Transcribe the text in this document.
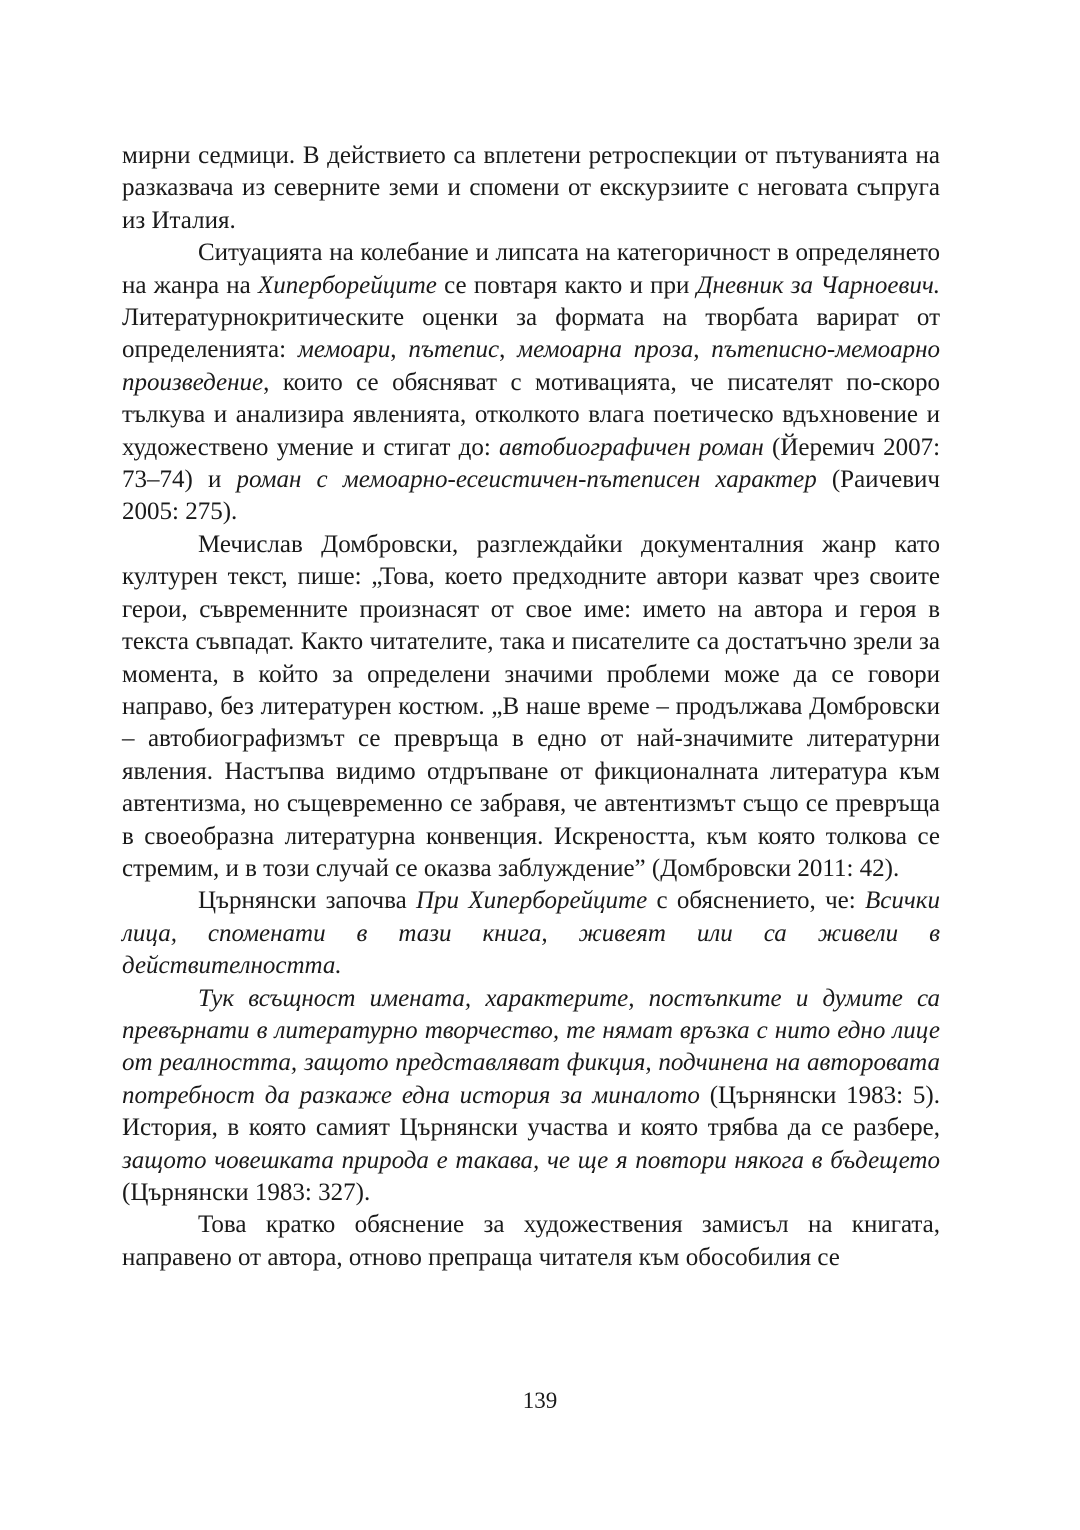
мирни седмици. В действието са вплетени ретроспекции от пътуванията на разказвача из северните земи и спомени от екскурзиите с неговата съпруга из Италия.

Ситуацията на колебание и липсата на категоричност в определянето на жанра на Хиперборейците се повтаря както и при Дневник за Чарноевич. Литературнокритическите оценки за формата на творбата варират от определенията: мемоари, пътепис, мемоарна проза, пътеписно-мемоарно произведение, които се обясняват с мотивацията, че писателят по-скоро тълкува и анализира явленията, отколкото влага поетическо вдъхновение и художествено умение и стигат до: автобиографичен роман (Йеремич 2007: 73–74) и роман с мемоарно-есеистичен-пътеписен характер (Раичевич 2005: 275).

Мечислав Домбровски, разглеждайки документалния жанр като културен текст, пише: „Това, което предходните автори казват чрез своите герои, съвременните произнасят от свое име: името на автора и героя в текста съвпадат. Както читателите, така и писателите са достатъчно зрели за момента, в който за определени значими проблеми може да се говори направо, без литературен костюм. „В наше време – продължава Домбровски – автобиографизмът се превръща в едно от най-значимите литературни явления. Настъпва видимо отдръпване от фикционалната литература към автентизма, но същевременно се забравя, че автентизмът също се превръща в своеобразна литературна конвенция. Искреността, към която толкова се стремим, и в този случай се оказва заблуждение” (Домбровски 2011: 42).

Църнянски започва При Хиперборейците с обяснението, че: Всички лица, споменати в тази книга, живеят или са живели в действителността.

Тук всъщност имената, характерите, постъпките и думите са превърнати в литературно творчество, те нямат връзка с нито едно лице от реалността, защото представляват фикция, подчинена на авторовата потребност да разкаже една история за миналото (Църнянски 1983: 5). История, в която самият Църнянски участва и която трябва да се разбере, защото човешката природа е такава, че ще я повтори някога в бъдещето (Църнянски 1983: 327).

Това кратко обяснение за художествения замисъл на книгата, направено от автора, отново препраща читателя към обособилия се

139
